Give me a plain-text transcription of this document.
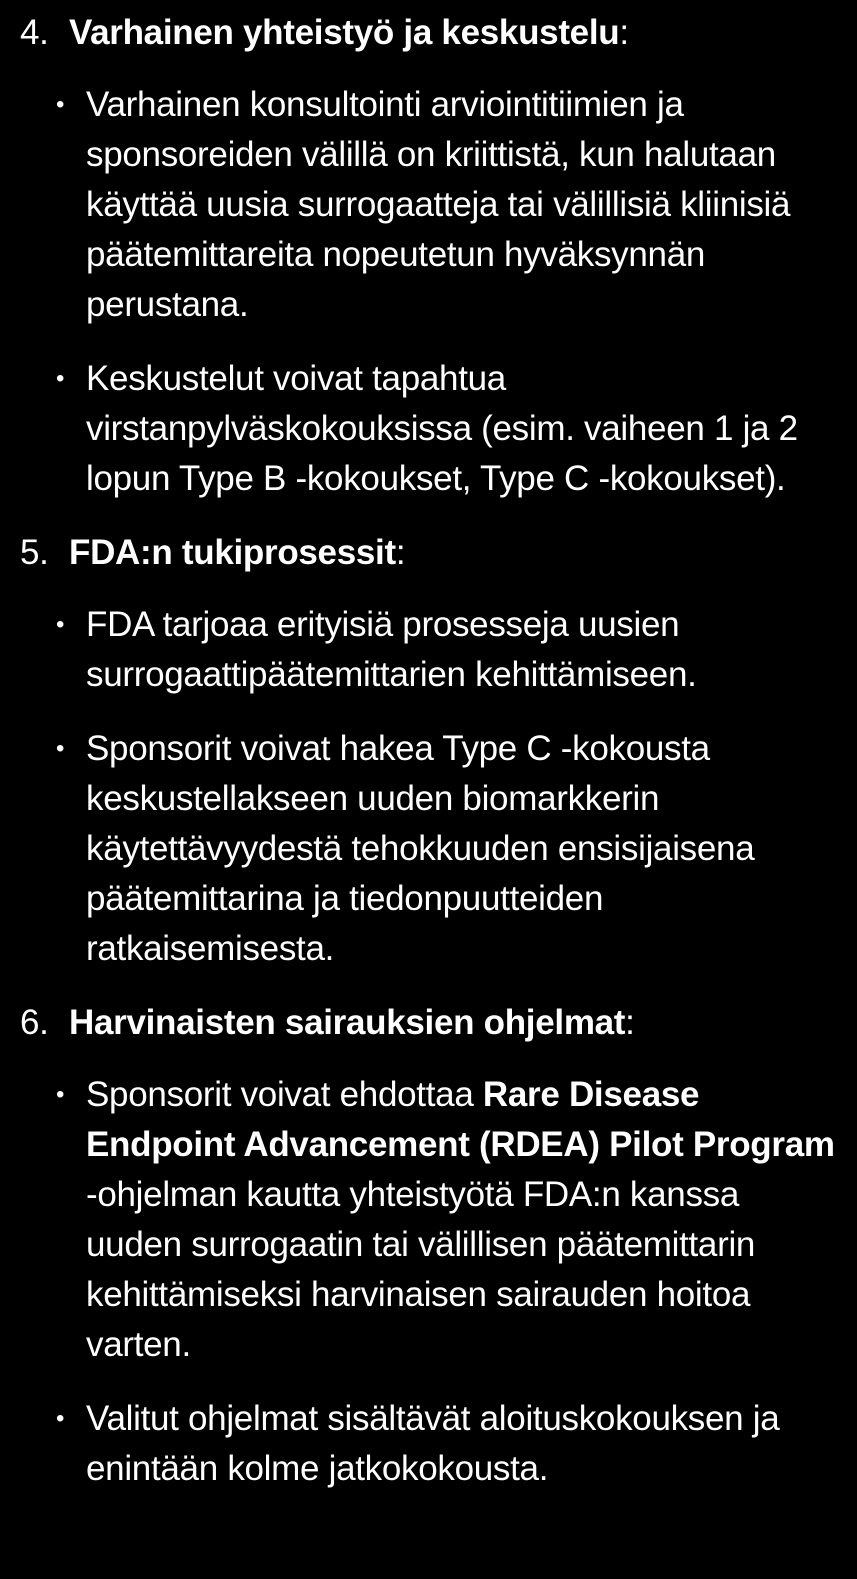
4. Varhainen yhteistyö ja keskustelu:
• Varhainen konsultointi arviointitiimien ja sponsoreiden välillä on kriittistä, kun halutaan käyttää uusia surrogaatteja tai välillisiä kliinisiä päätemittareita nopeutetun hyväksynnän perustana.
• Keskustelut voivat tapahtua virstanpylväskokouksissa (esim. vaiheen 1 ja 2 lopun Type B -kokoukset, Type C -kokoukset).
5. FDA:n tukiprosessit:
• FDA tarjoaa erityisiä prosesseja uusien surrogaattipäätemittarien kehittämiseen.
• Sponsorit voivat hakea Type C -kokousta keskustellakseen uuden biomarkkerin käytettävyydestä tehokkuuden ensisijaisena päätemittarina ja tiedonpuutteiden ratkaisemisesta.
6. Harvinaisten sairauksien ohjelmat:
• Sponsorit voivat ehdottaa Rare Disease Endpoint Advancement (RDEA) Pilot Program -ohjelman kautta yhteistyötä FDA:n kanssa uuden surrogaatin tai välillisen päätemittarin kehittämiseksi harvinaisen sairauden hoitoa varten.
• Valitut ohjelmat sisältävät aloituskokouksen ja enintään kolme jatkokokousta.
